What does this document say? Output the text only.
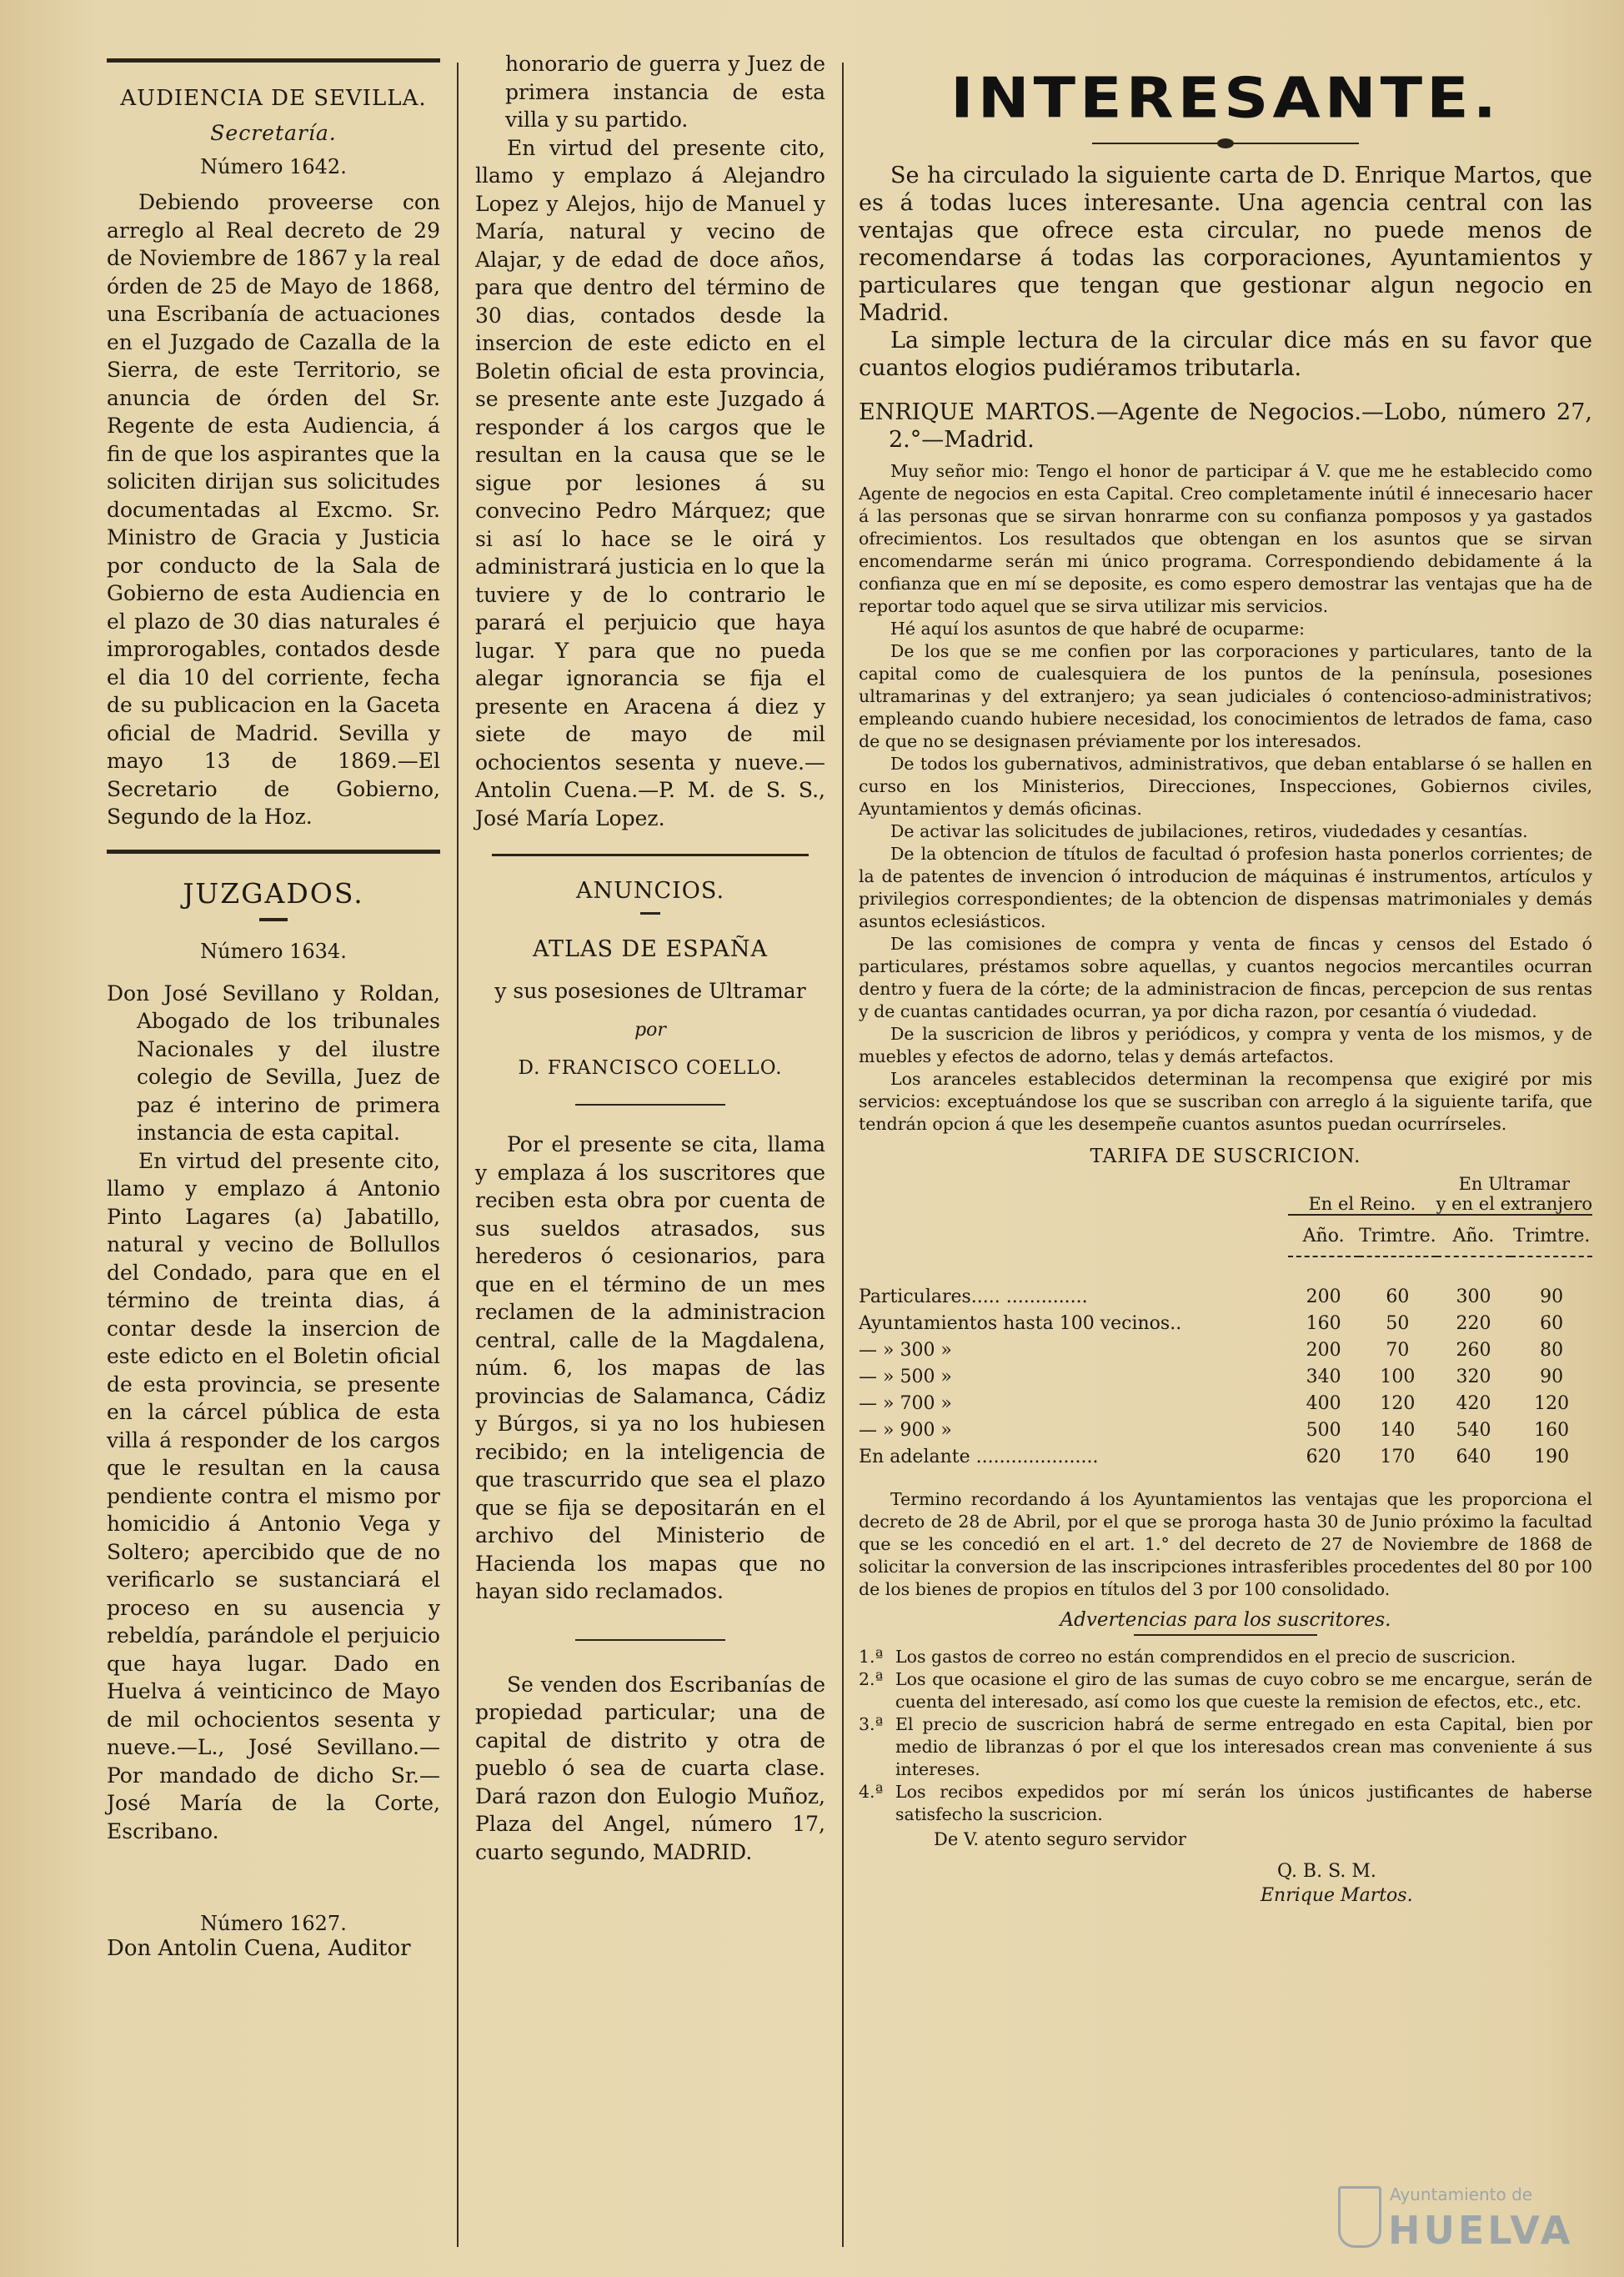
AUDIENCIA DE SEVILLA.

Secretaría.

Número 1642.

Debiendo proveerse con arreglo al Real decreto de 29 de Noviembre de 1867 y la real órden de 25 de Mayo de 1868, una Escribanía de actuaciones en el Juzgado de Cazalla de la Sierra, de este Territorio, se anuncia de órden del Sr. Regente de esta Audiencia, á fin de que los aspirantes que la soliciten dirijan sus solicitudes documentadas al Excmo. Sr. Ministro de Gracia y Justicia por conducto de la Sala de Gobierno de esta Audiencia en el plazo de 30 dias naturales é improrogables, contados desde el dia 10 del corriente, fecha de su publicacion en la Gaceta oficial de Madrid. Sevilla y mayo 13 de 1869.—El Secretario de Gobierno, Segundo de la Hoz.

JUZGADOS.

Número 1634.

Don José Sevillano y Roldan, Abogado de los tribunales Nacionales y del ilustre colegio de Sevilla, Juez de paz é interino de primera instancia de esta capital.

En virtud del presente cito, llamo y emplazo á Antonio Pinto Lagares (a) Jabatillo, natural y vecino de Bollullos del Condado, para que en el término de treinta dias, á contar desde la insercion de este edicto en el Boletin oficial de esta provincia, se presente en la cárcel pública de esta villa á responder de los cargos que le resultan en la causa pendiente contra el mismo por homicidio á Antonio Vega y Soltero; apercibido que de no verificarlo se sustanciará el proceso en su ausencia y rebeldía, parándole el perjuicio que haya lugar. Dado en Huelva á veinticinco de Mayo de mil ochocientos sesenta y nueve.—L., José Sevillano.—Por mandado de dicho Sr.—José María de la Corte, Escribano.

Número 1627.

Don Antolin Cuena, Auditor

honorario de guerra y Juez de primera instancia de esta villa y su partido.

En virtud del presente cito, llamo y emplazo á Alejandro Lopez y Alejos, hijo de Manuel y María, natural y vecino de Alajar, y de edad de doce años, para que dentro del término de 30 dias, contados desde la insercion de este edicto en el Boletin oficial de esta provincia, se presente ante este Juzgado á responder á los cargos que le resultan en la causa que se le sigue por lesiones á su convecino Pedro Márquez; que si así lo hace se le oirá y administrará justicia en lo que la tuviere y de lo contrario le parará el perjuicio que haya lugar. Y para que no pueda alegar ignorancia se fija el presente en Aracena á diez y siete de mayo de mil ochocientos sesenta y nueve.—Antolin Cuena.—P. M. de S. S., José María Lopez.

ANUNCIOS.

ATLAS DE ESPAÑA

y sus posesiones de Ultramar

por

D. FRANCISCO COELLO.

Por el presente se cita, llama y emplaza á los suscritores que reciben esta obra por cuenta de sus sueldos atrasados, sus herederos ó cesionarios, para que en el término de un mes reclamen de la administracion central, calle de la Magdalena, núm. 6, los mapas de las provincias de Salamanca, Cádiz y Búrgos, si ya no los hubiesen recibido; en la inteligencia de que trascurrido que sea el plazo que se fija se depositarán en el archivo del Ministerio de Hacienda los mapas que no hayan sido reclamados.

Se venden dos Escribanías de propiedad particular; una de capital de distrito y otra de pueblo ó sea de cuarta clase. Dará razon don Eulogio Muñoz, Plaza del Angel, número 17, cuarto segundo, MADRID.

INTERESANTE.

Se ha circulado la siguiente carta de D. Enrique Martos, que es á todas luces interesante. Una agencia central con las ventajas que ofrece esta circular, no puede menos de recomendarse á todas las corporaciones, Ayuntamientos y particulares que tengan que gestionar algun negocio en Madrid.

La simple lectura de la circular dice más en su favor que cuantos elogios pudiéramos tributarla.

ENRIQUE MARTOS.—Agente de Negocios.—Lobo, número 27, 2.°—Madrid.

Muy señor mio: Tengo el honor de participar á V. que me he establecido como Agente de negocios en esta Capital. Creo completamente inútil é innecesario hacer á las personas que se sirvan honrarme con su confianza pomposos y ya gastados ofrecimientos. Los resultados que obtengan en los asuntos que se sirvan encomendarme serán mi único programa. Correspondiendo debidamente á la confianza que en mí se deposite, es como espero demostrar las ventajas que ha de reportar todo aquel que se sirva utilizar mis servicios.

Hé aquí los asuntos de que habré de ocuparme:

De los que se me confien por las corporaciones y particulares, tanto de la capital como de cualesquiera de los puntos de la península, posesiones ultramarinas y del extranjero; ya sean judiciales ó contencioso-administrativos; empleando cuando hubiere necesidad, los conocimientos de letrados de fama, caso de que no se designasen préviamente por los interesados.

De todos los gubernativos, administrativos, que deban entablarse ó se hallen en curso en los Ministerios, Direcciones, Inspecciones, Gobiernos civiles, Ayuntamientos y demás oficinas.

De activar las solicitudes de jubilaciones, retiros, viudedades y cesantías.

De la obtencion de títulos de facultad ó profesion hasta ponerlos corrientes; de la de patentes de invencion ó introducion de máquinas é instrumentos, artículos y privilegios correspondientes; de la obtencion de dispensas matrimoniales y demás asuntos eclesiásticos.

De las comisiones de compra y venta de fincas y censos del Estado ó particulares, préstamos sobre aquellas, y cuantos negocios mercantiles ocurran dentro y fuera de la córte; de la administracion de fincas, percepcion de sus rentas y de cuantas cantidades ocurran, ya por dicha razon, por cesantía ó viudedad.

De la suscricion de libros y periódicos, y compra y venta de los mismos, y de muebles y efectos de adorno, telas y demás artefactos.

Los aranceles establecidos determinan la recompensa que exigiré por mis servicios: exceptuándose los que se suscriban con arreglo á la siguiente tarifa, que tendrán opcion á que les desempeñe cuantos asuntos puedan ocurrírseles.

TARIFA DE SUSCRICION.

	En el Reino.		En Ultramar
y en el extranjero	
	Año.	Trimtre.	Año.	Trimtre.

Particulares..... ..............	200	60	300	90
Ayuntamientos hasta 100 vecinos..	160	50	220	60
— » 300 »	200	70	260	80
— » 500 »	340	100	320	90
— » 700 »	400	120	420	120
— » 900 »	500	140	540	160
En adelante .....................	620	170	640	190

Termino recordando á los Ayuntamientos las ventajas que les proporciona el decreto de 28 de Abril, por el que se proroga hasta 30 de Junio próximo la facultad que se les concedió en el art. 1.° del decreto de 27 de Noviembre de 1868 de solicitar la conversion de las inscripciones intrasferibles procedentes del 80 por 100 de los bienes de propios en títulos del 3 por 100 consolidado.

Advertencias para los suscritores.

1.ª Los gastos de correo no están comprendidos en el precio de suscricion.

2.ª Los que ocasione el giro de las sumas de cuyo cobro se me encargue, serán de cuenta del interesado, así como los que cueste la remision de efectos, etc., etc.

3.ª El precio de suscricion habrá de serme entregado en esta Capital, bien por medio de libranzas ó por el que los interesados crean mas conveniente á sus intereses.

4.ª Los recibos expedidos por mí serán los únicos justificantes de haberse satisfecho la suscricion.

De V. atento seguro servidor

Q. B. S. M.

Enrique Martos.

Ayuntamiento de
HUELVA
